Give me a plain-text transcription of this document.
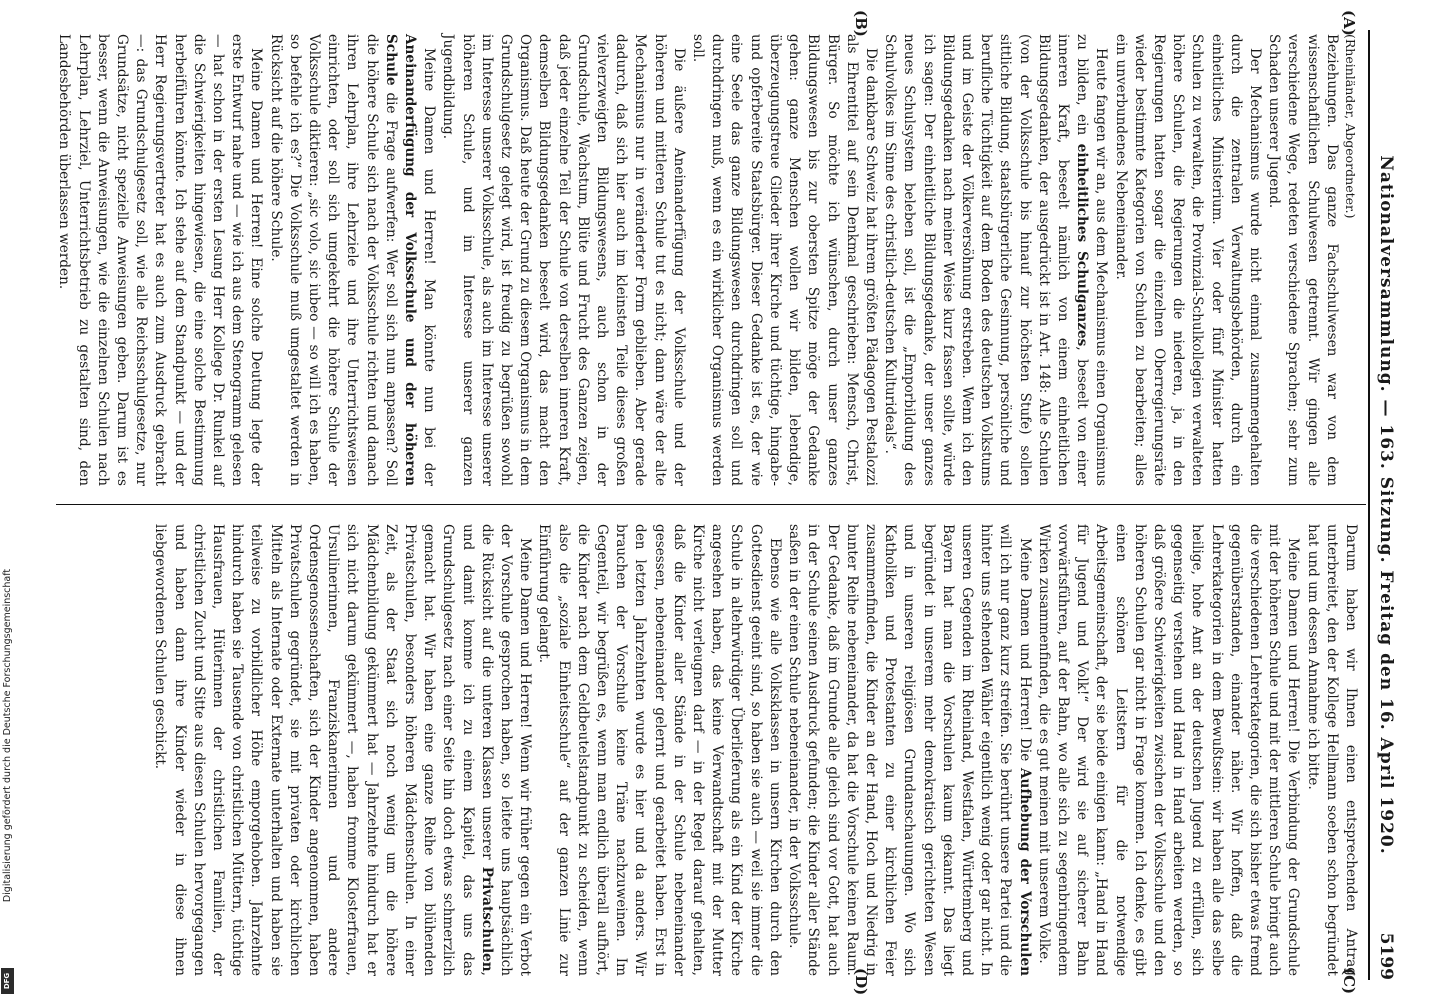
Nationalversammlung. — 163. Sitzung. Freitag den 16. April 1920.
5199
(A)
(B)
(C)
(D)

(Rheinländer, Abgeordneter.)

Beziehungen. Das ganze Fachschulwesen war von dem wissenschaftlichen Schulwesen getrennt. Wir gingen alle verschiedene Wege, redeten verschiedene Sprachen; sehr zum Schaden unserer Jugend.

Der Mechanismus wurde nicht einmal zusammengehalten durch die zentralen Verwaltungsbehörden, durch ein einheitliches Ministerium. Vier oder fünf Minister hatten Schulen zu verwalten, die Provinzial-Schulkollegien verwalteten höhere Schulen, die Regierungen die niederen, ja, in den Regierungen hatten sogar die einzelnen Oberregierungsräte wieder bestimmte Kategorien von Schulen zu bearbeiten; alles ein unverbundenes Nebeneinander.

Heute fangen wir an, aus dem Mechanismus einen Organismus zu bilden, ein einheitliches Schulganzes, beseelt von einer inneren Kraft, beseelt nämlich von einem einheitlichen Bildungsgedanken, der ausgedrückt ist in Art. 148: Alle Schulen (von der Volksschule bis hinauf zur höchsten Stufe) sollen sittliche Bildung, staatsbürgerliche Gesinnung, persönliche und berufliche Tüchtigkeit auf dem Boden des deutschen Volkstums und im Geiste der Völkerversöhnung erstreben. Wenn ich den Bildungsgedanken nach meiner Weise kurz fassen sollte, würde ich sagen: Der einheitliche Bildungsgedanke, der unser ganzes neues Schulsystem beleben soll, ist die „Emporbildung des Schulvolkes im Sinne des christlich-deutschen Kulturideals“.

Die dankbare Schweiz hat ihrem größten Pädagogen Pestalozzi als Ehrentitel auf sein Denkmal geschrieben: Mensch, Christ, Bürger. So möchte ich wünschen, durch unser ganzes Bildungswesen bis zur obersten Spitze möge der Gedanke gehen: ganze Menschen wollen wir bilden, lebendige, überzeugungstreue Glieder ihrer Kirche und tüchtige, hingabe- und opferbereite Staatsbürger. Dieser Gedanke ist es, der wie eine Seele das ganze Bildungswesen durchdringen soll und durchdringen muß, wenn es ein wirklicher Organismus werden soll.

Die äußere Aneinanderfügung der Volksschule und der höheren und mittleren Schule tut es nicht; dann wäre der alte Mechanismus nur in veränderter Form geblieben. Aber gerade dadurch, daß sich hier auch im kleinsten Teile dieses großen vielverzweigten Bildungswesens, auch schon in der Grundschule, Wachstum, Blüte und Frucht des Ganzen zeigen, daß jeder einzelne Teil der Schule von derselben inneren Kraft, demselben Bildungsgedanken beseelt wird, das macht den Organismus. Daß heute der Grund zu diesem Organismus in dem Grundschulgesetz gelegt wird, ist freudig zu begrüßen sowohl im Interesse unserer Volksschule, als auch im Interesse unserer höheren Schule, und im Interesse unserer ganzen Jugendbildung.

Meine Damen und Herren! Man könnte nun bei der Aneinanderfügung der Volksschule und der höheren Schule die Frage aufwerfen: Wer soll sich nun anpassen? Soll die höhere Schule sich nach der Volksschule richten und danach ihren Lehrplan, ihre Lehrziele und ihre Unterrichtsweisen einrichten, oder soll sich umgekehrt die höhere Schule der Volksschule diktieren: „sic volo, sic iubeo — so will ich es haben, so befehle ich es?“ Die Volksschule muß umgestaltet werden in Rücksicht auf die höhere Schule.

Meine Damen und Herren! Eine solche Deutung legte der erste Entwurf nahe und — wie ich aus dem Stenogramm gelesen — hat schon in der ersten Lesung Herr Kollege Dr. Runkel auf die Schwierigkeiten hingewiesen, die eine solche Bestimmung herbeiführen könnte. Ich stehe auf dem Standpunkt — und der Herr Regierungsvertreter hat es auch zum Ausdruck gebracht —: das Grundschulgesetz soll, wie alle Reichsschulgesetze, nur Grundsätze, nicht spezielle Anweisungen geben. Darum ist es besser, wenn die Anweisungen, wie die einzelnen Schulen nach Lehrplan, Lehrziel, Unterrichtsbetrieb zu gestalten sind, den Landesbehörden überlassen werden.

Darum haben wir Ihnen einen entsprechenden Antrag unterbreitet, den der Kollege Hellmann soeben schon begründet hat und um dessen Annahme ich bitte.

Meine Damen und Herren! Die Verbindung der Grundschule mit der höheren Schule und mit der mittleren Schule bringt auch die verschiedenen Lehrerkategorien, die sich bisher etwas fremd gegenüberstanden, einander näher. Wir hoffen, daß die Lehrerkategorien in dem Bewußtsein: wir haben alle das selbe heilige, hohe Amt an der deutschen Jugend zu erfüllen, sich gegenseitig verstehen und Hand in Hand arbeiten werden, so daß größere Schwierigkeiten zwischen der Volksschule und den höheren Schulen gar nicht in Frage kommen. Ich denke, es gibt einen schönen Leitstern für die notwendige Arbeitsgemeinschaft, der sie beide einigen kann: „Hand in Hand für Jugend und Volk!“ Der wird sie auf sicherer Bahn vorwärtsführen, auf der Bahn, wo alle sich zu segenbringendem Wirken zusammenfinden, die es gut meinen mit unserem Volke.

Meine Damen und Herren! Die Aufhebung der Vorschulen will ich nur ganz kurz streifen. Sie berührt unsere Partei und die hinter uns stehenden Wähler eigentlich wenig oder gar nicht. In unseren Gegenden im Rheinland, Westfalen, Württemberg und Bayern hat man die Vorschulen kaum gekannt. Das liegt begründet in unserem mehr demokratisch gerichteten Wesen und in unseren religiösen Grundanschauungen. Wo sich Katholiken und Protestanten zu einer kirchlichen Feier zusammenfinden, die Kinder an der Hand, Hoch und Niedrig in bunter Reihe nebeneinander, da hat die Vorschule keinen Raum. Der Gedanke, daß im Grunde alle gleich sind vor Gott, hat auch in der Schule seinen Ausdruck gefunden; die Kinder aller Stände saßen in der einen Schule nebeneinander, in der Volksschule.

Ebenso wie alle Volksklassen in unsern Kirchen durch den Gottesdienst geeint sind, so haben sie auch — weil sie immer die Schule in altehrwürdiger Überlieferung als ein Kind der Kirche angesehen haben, das keine Verwandtschaft mit der Mutter Kirche nicht verleugnen darf — in der Regel darauf gehalten, daß die Kinder aller Stände in der Schule nebeneinander gesessen, nebeneinander gelernt und gearbeitet haben. Erst in den letzten Jahrzehnten wurde es hier und da anders. Wir brauchen der Vorschule keine Träne nachzuweinen. Im Gegenteil, wir begrüßen es, wenn man endlich überall aufhört, die Kinder nach dem Geldbeutelstandpunkt zu scheiden, wenn also die „soziale Einheitsschule“ auf der ganzen Linie zur Einführung gelangt.

Meine Damen und Herren! Wenn wir früher gegen ein Verbot der Vorschule gesprochen haben, so leitete uns hauptsächlich die Rücksicht auf die unteren Klassen unserer Privatschulen, und damit komme ich zu einem Kapitel, das uns das Grundschulgesetz nach einer Seite hin doch etwas schmerzlich gemacht hat. Wir haben eine ganze Reihe von blühenden Privatschulen, besonders höheren Mädchenschulen. In einer Zeit, als der Staat sich noch wenig um die höhere Mädchenbildung gekümmert hat — Jahrzehnte hindurch hat er sich nicht darum gekümmert —, haben fromme Klosterfrauen, Ursulinerinnen, Franziskanerinnen und andere Ordensgenossenschaften, sich der Kinder angenommen, haben Privatschulen gegründet, sie mit privaten oder kirchlichen Mitteln als Internate oder Externate unterhalten und haben sie teilweise zu vorbildlicher Höhe emporgehoben. Jahrzehnte hindurch haben sie Tausende von christlichen Müttern, tüchtige Hausfrauen, Hüterinnen der christlichen Familien, der christlichen Zucht und Sitte aus diesen Schulen hervorgegangen und haben dann ihre Kinder wieder in diese ihnen liebgewordenen Schulen geschickt.

Digitalisierung gefördert durch die Deutsche Forschungsgemeinschaft
DFG
